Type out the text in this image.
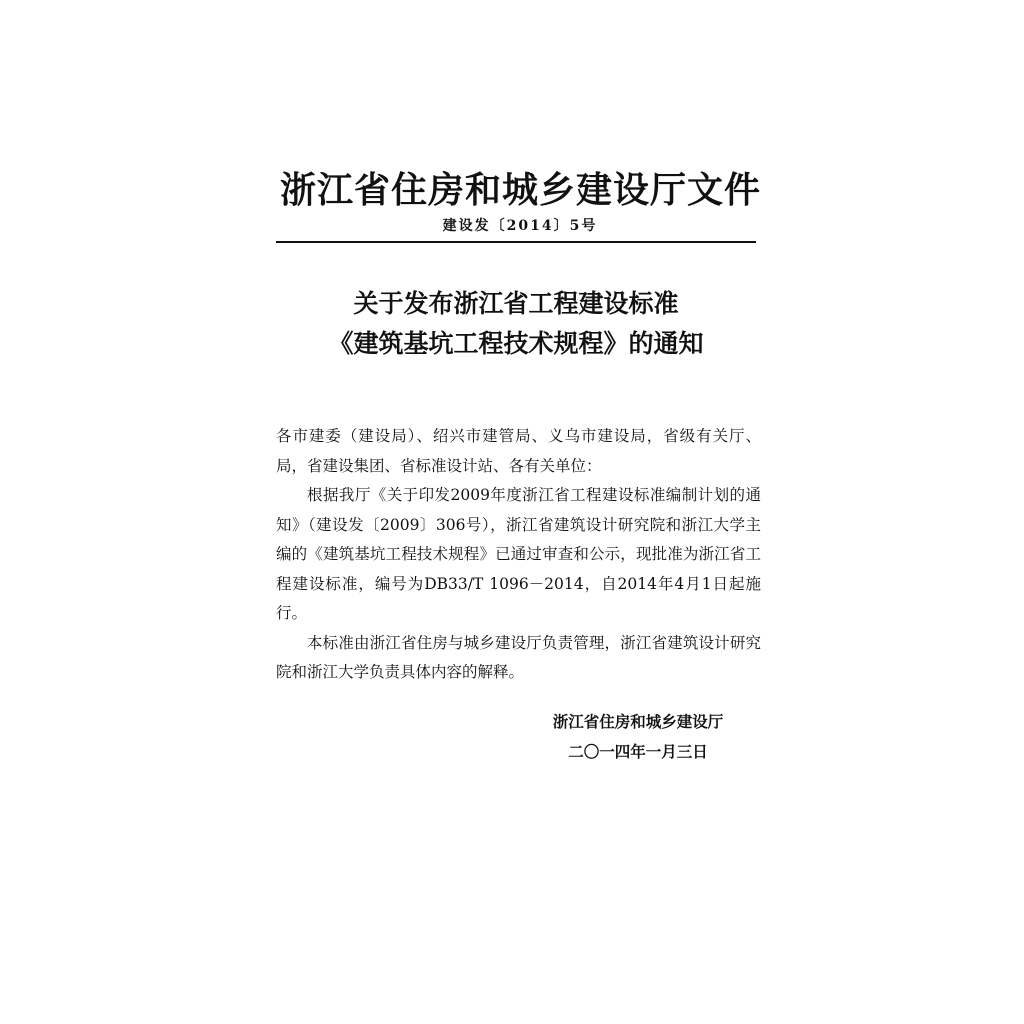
浙江省住房和城乡建设厅文件
建设发〔2014〕5号
关于发布浙江省工程建设标准
《建筑基坑工程技术规程》的通知

各市建委（建设局）、绍兴市建管局、义乌市建设局，省级有关厅、局，省建设集团、省标准设计站、各有关单位：

根据我厅《关于印发2009年度浙江省工程建设标准编制计划的通知》（建设发〔2009〕306号），浙江省建筑设计研究院和浙江大学主编的《建筑基坑工程技术规程》已通过审查和公示，现批准为浙江省工程建设标准，编号为DB33/T 1096－2014，自2014年4月1日起施行。

本标准由浙江省住房与城乡建设厅负责管理，浙江省建筑设计研究院和浙江大学负责具体内容的解释。

浙江省住房和城乡建设厅
二〇一四年一月三日
